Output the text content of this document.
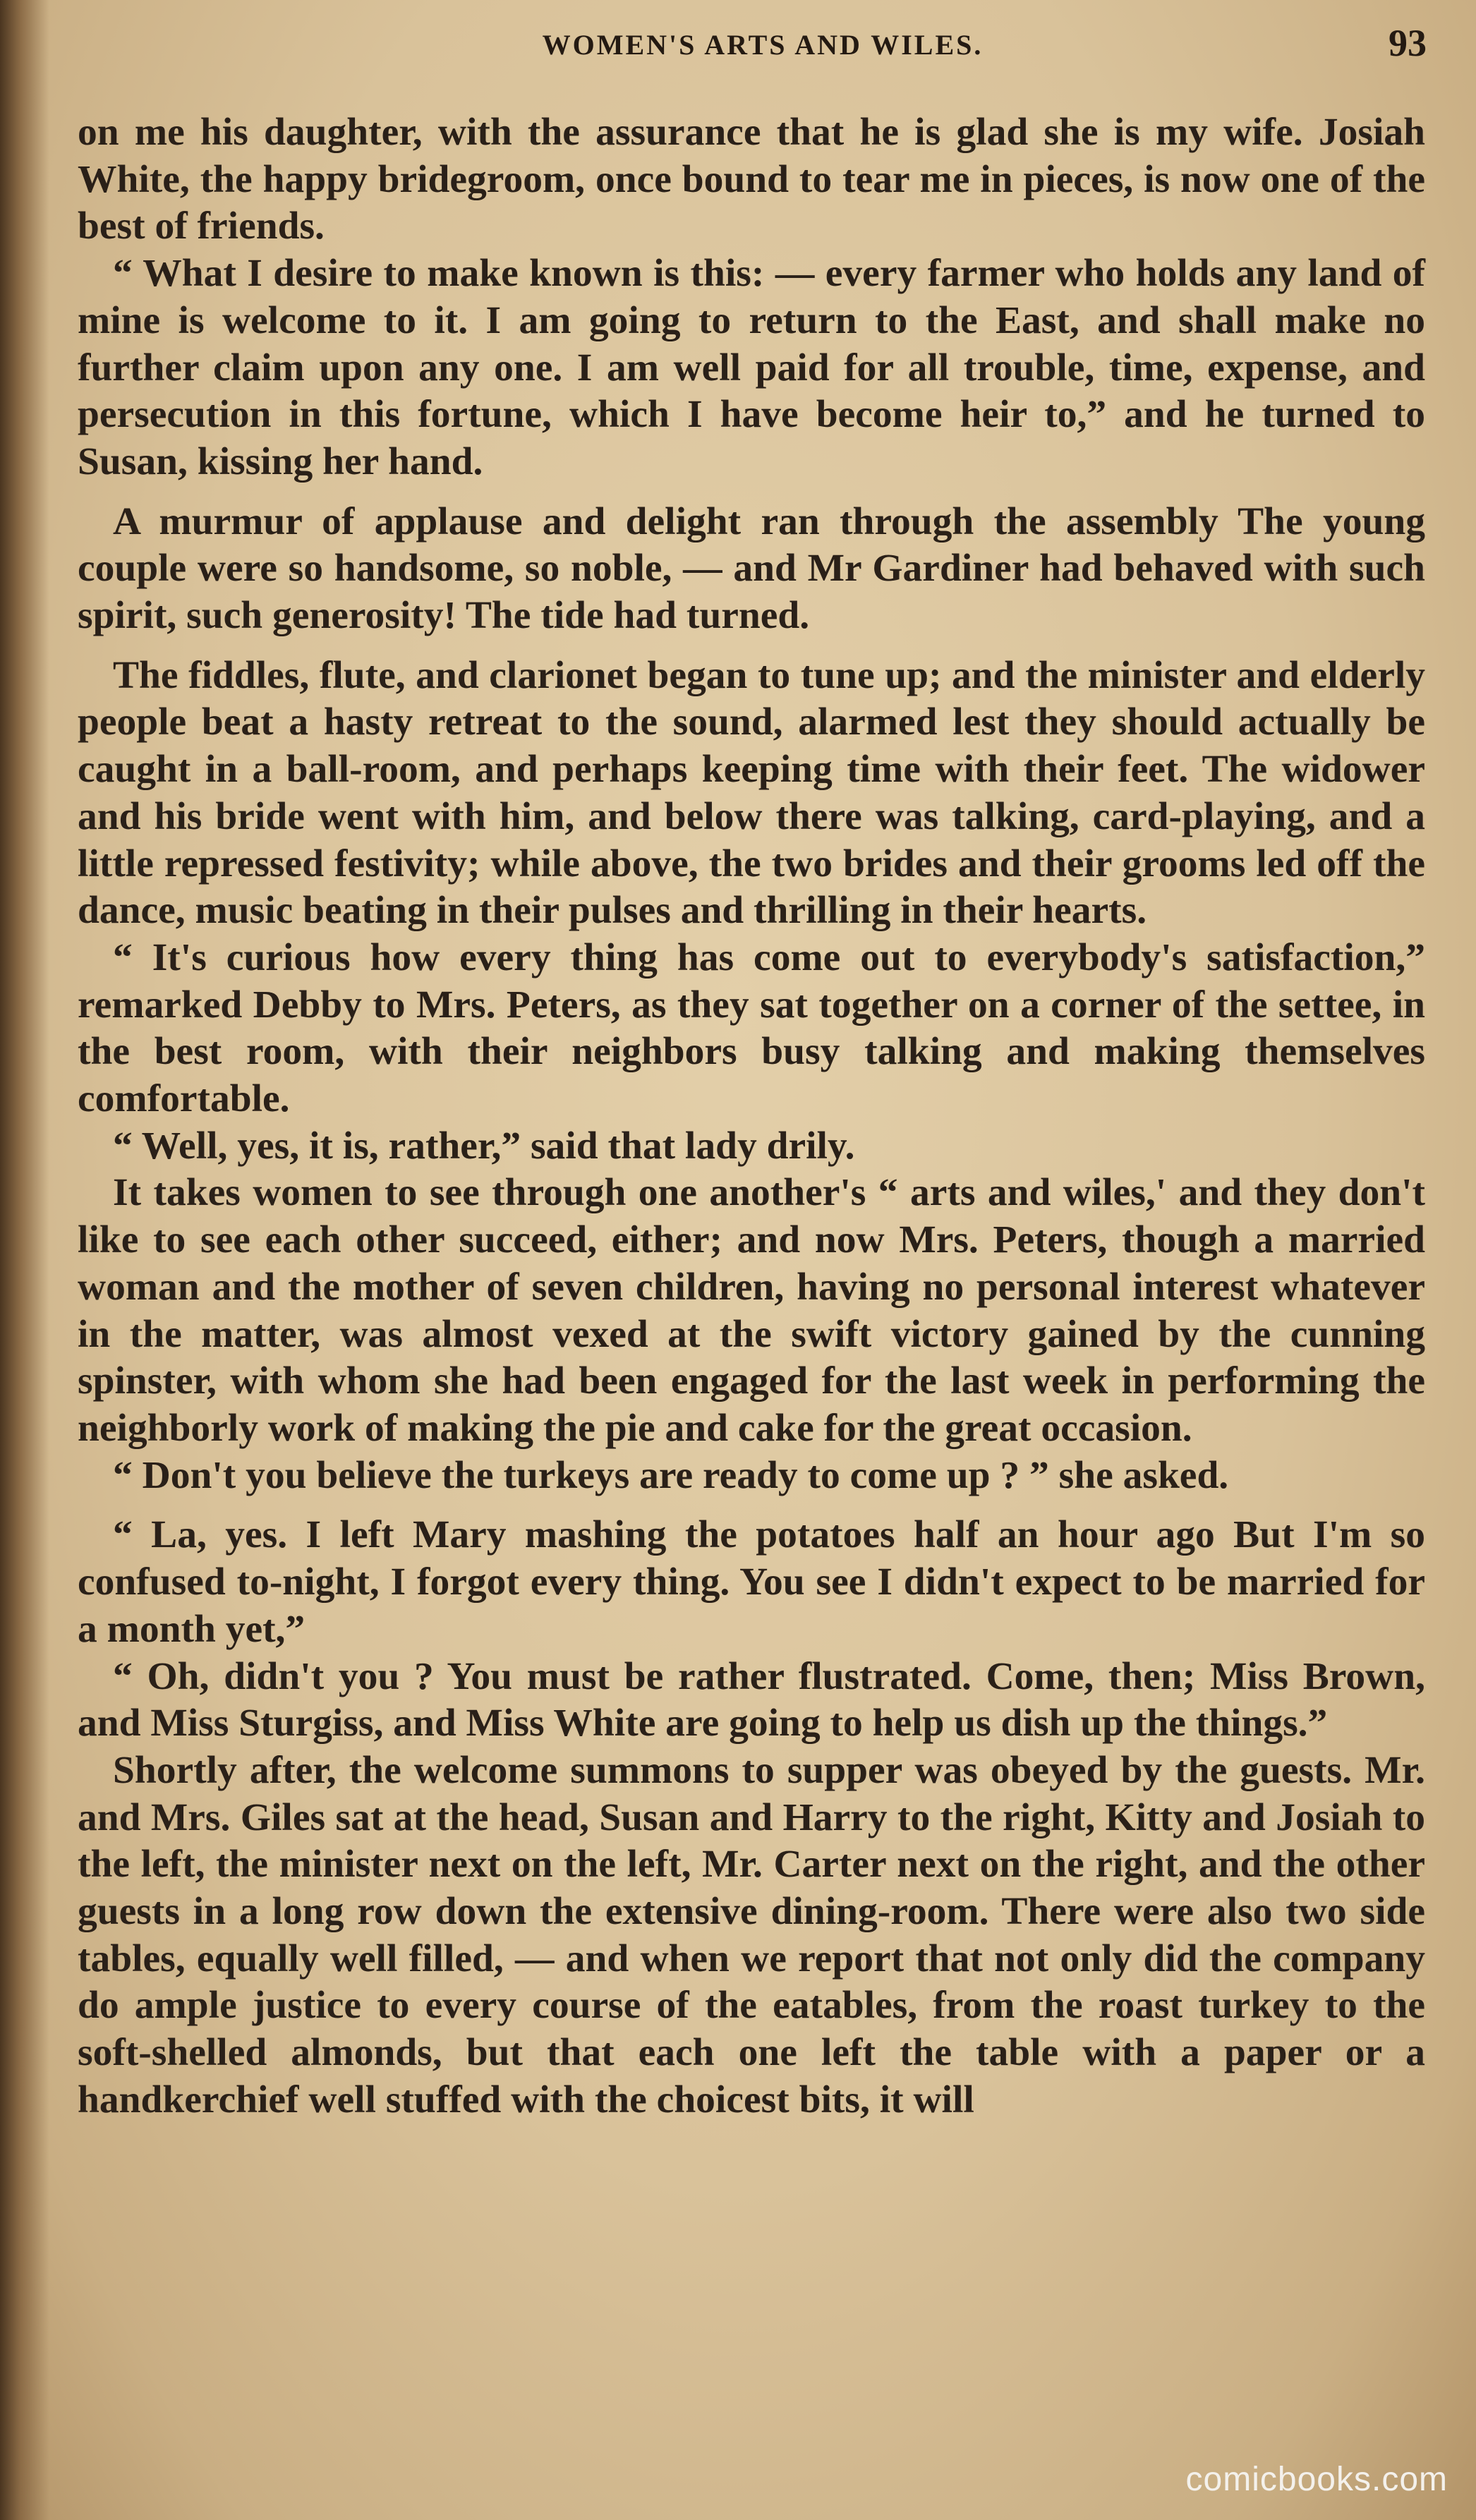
WOMEN'S ARTS AND WILES.	93

on me his daughter, with the assurance that he is glad she is my wife. Josiah White, the happy bridegroom, once bound to tear me in pieces, is now one of the best of friends.

“ What I desire to make known is this: — every farmer who holds any land of mine is welcome to it. I am going to return to the East, and shall make no further claim upon any one. I am well paid for all trouble, time, expense, and persecution in this fortune, which I have become heir to,” and he turned to Susan, kissing her hand.

A murmur of applause and delight ran through the assembly The young couple were so handsome, so noble, — and Mr Gardiner had behaved with such spirit, such generosity! The tide had turned.

The fiddles, flute, and clarionet began to tune up; and the minister and elderly people beat a hasty retreat to the sound, alarmed lest they should actually be caught in a ball-room, and perhaps keeping time with their feet. The widower and his bride went with him, and below there was talking, card-playing, and a little repressed festivity; while above, the two brides and their grooms led off the dance, music beating in their pulses and thrilling in their hearts.

“ It's curious how every thing has come out to everybody's satisfaction,” remarked Debby to Mrs. Peters, as they sat together on a corner of the settee, in the best room, with their neighbors busy talking and making themselves comfortable.

“ Well, yes, it is, rather,” said that lady drily.

It takes women to see through one another's “ arts and wiles,' and they don't like to see each other succeed, either; and now Mrs. Peters, though a married woman and the mother of seven children, having no personal interest whatever in the matter, was almost vexed at the swift victory gained by the cunning spinster, with whom she had been engaged for the last week in performing the neighborly work of making the pie and cake for the great occasion.

“ Don't you believe the turkeys are ready to come up ? ” she asked.

“ La, yes. I left Mary mashing the potatoes half an hour ago But I'm so confused to-night, I forgot every thing. You see I didn't expect to be married for a month yet,”

“ Oh, didn't you ? You must be rather flustrated. Come, then; Miss Brown, and Miss Sturgiss, and Miss White are going to help us dish up the things.”

Shortly after, the welcome summons to supper was obeyed by the guests. Mr. and Mrs. Giles sat at the head, Susan and Harry to the right, Kitty and Josiah to the left, the minister next on the left, Mr. Carter next on the right, and the other guests in a long row down the extensive dining-room. There were also two side tables, equally well filled, — and when we report that not only did the company do ample justice to every course of the eatables, from the roast turkey to the soft-shelled almonds, but that each one left the table with a paper or a handkerchief well stuffed with the choicest bits, it will

comicbooks.com
